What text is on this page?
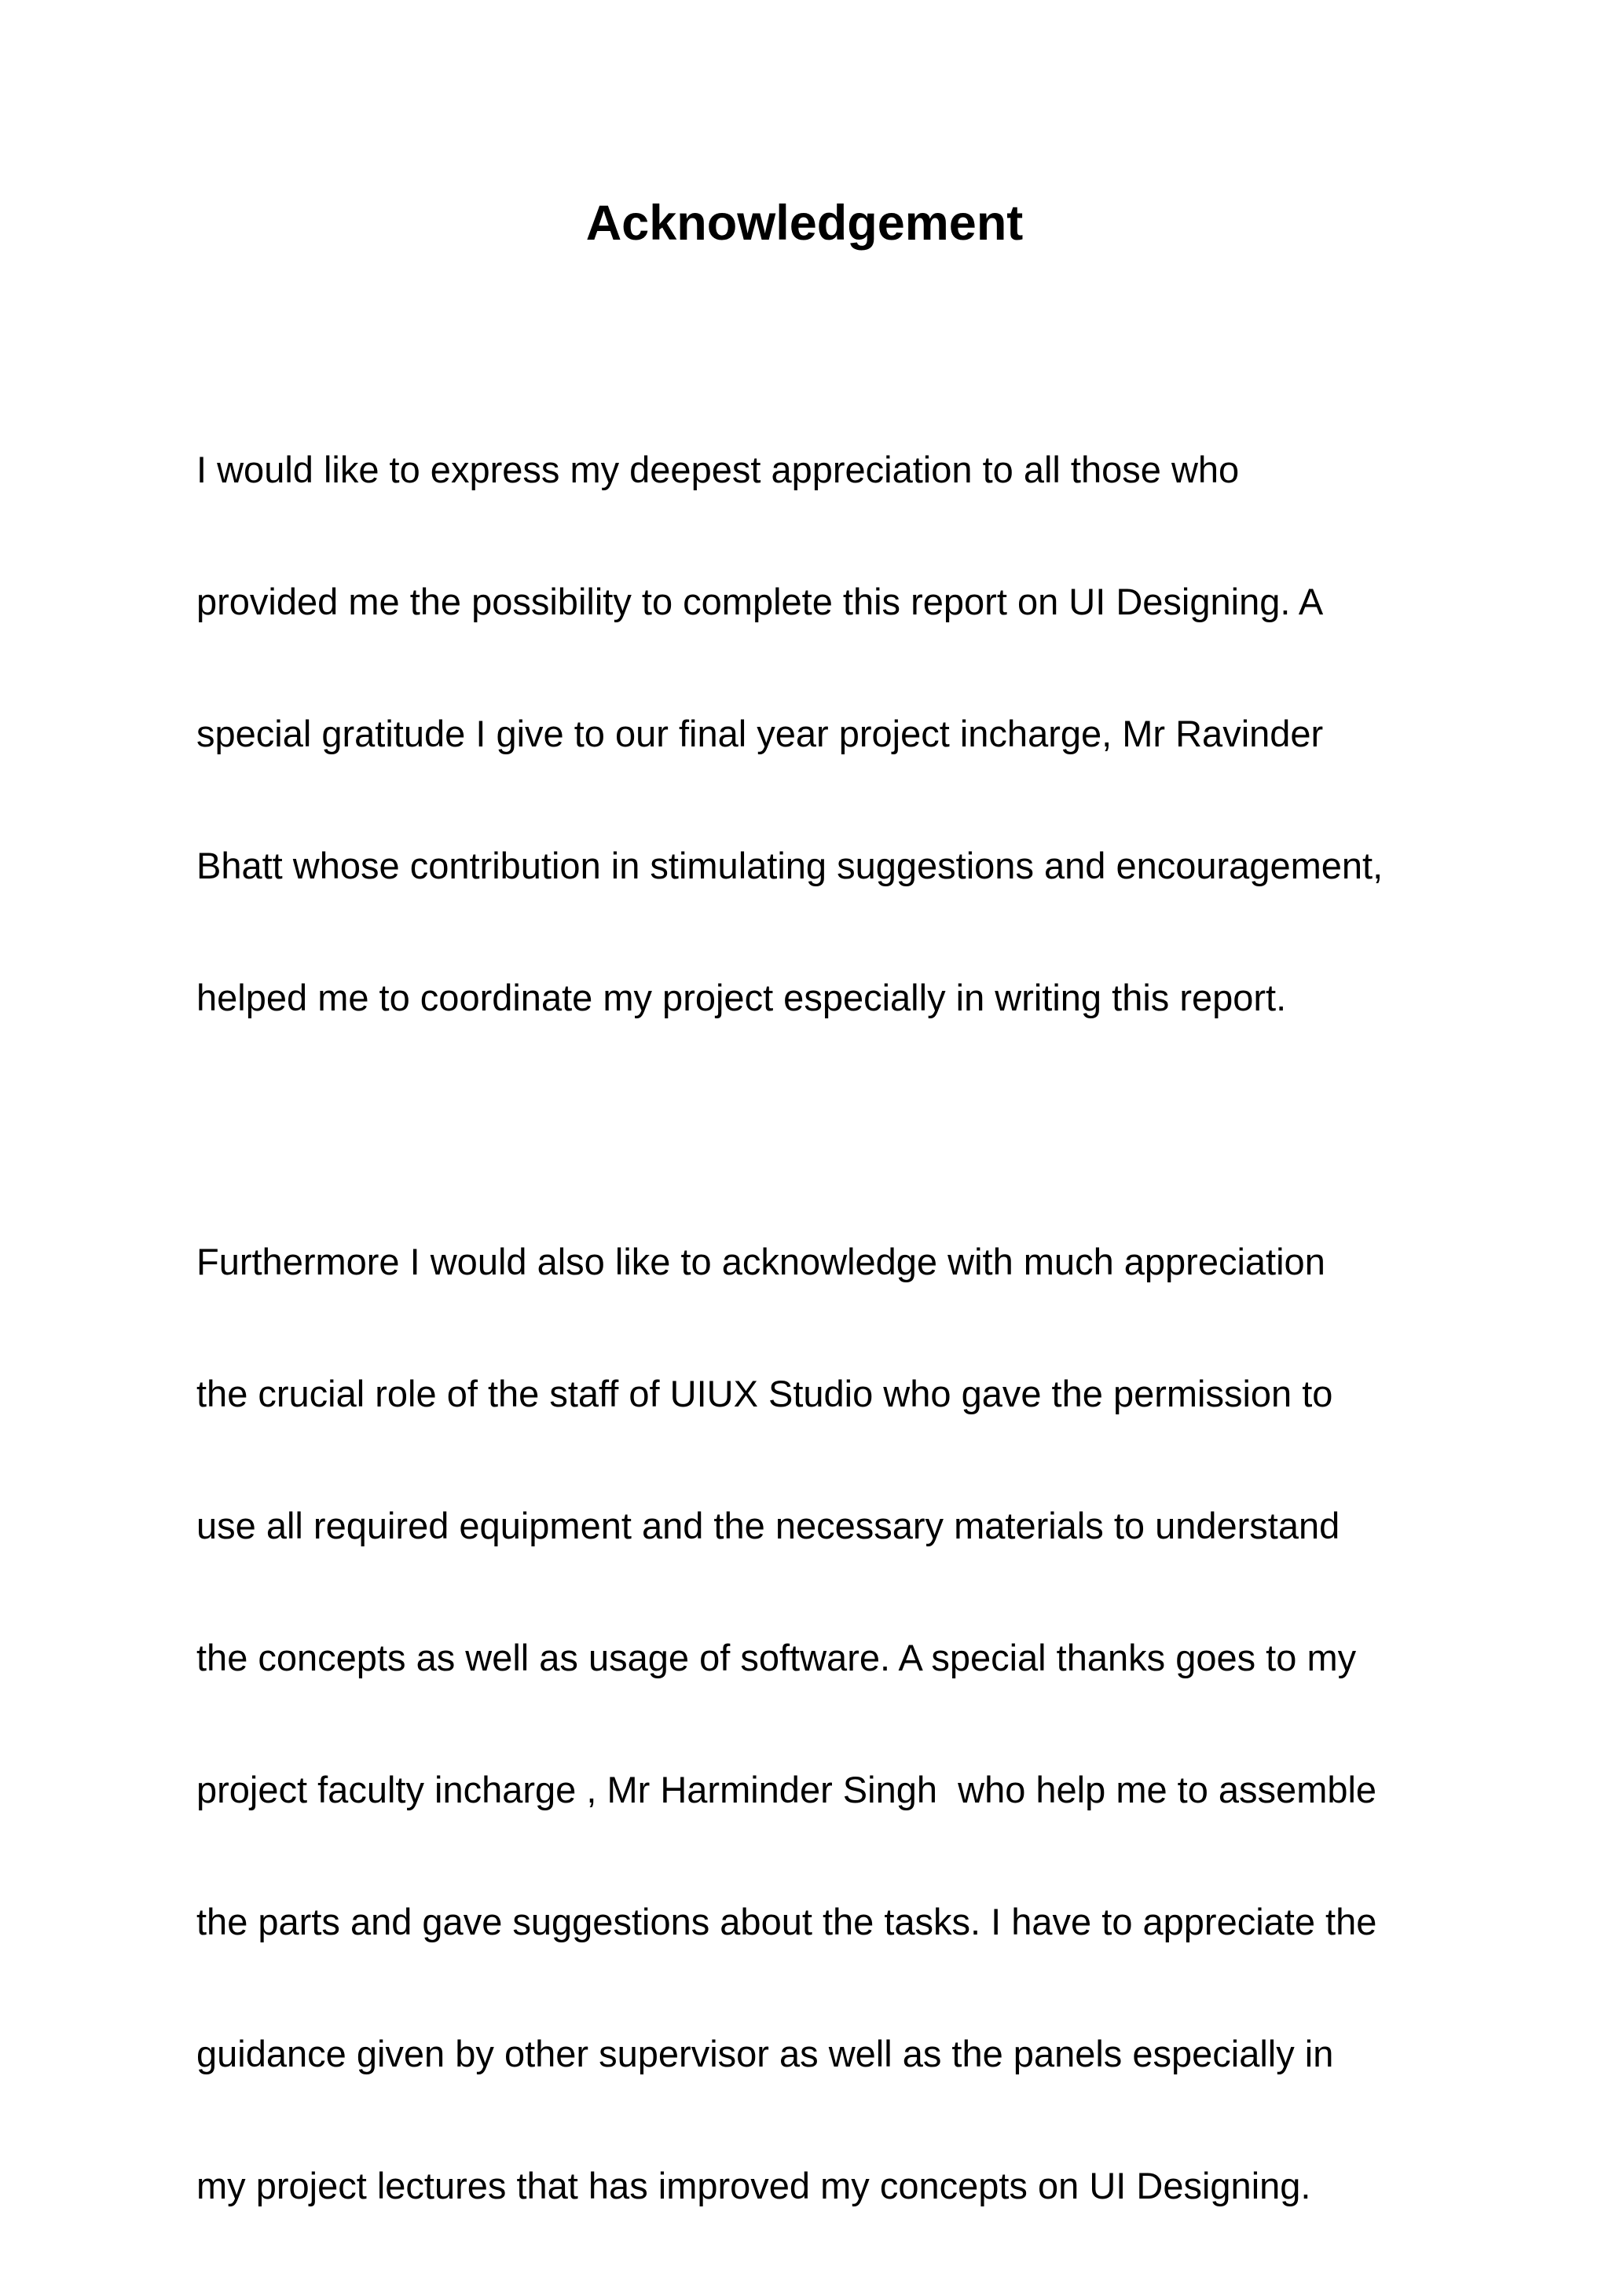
Acknowledgement

I would like to express my deepest appreciation to all those who

provided me the possibility to complete this report on UI Designing. A

special gratitude I give to our final year project incharge, Mr Ravinder

Bhatt whose contribution in stimulating suggestions and encouragement,

helped me to coordinate my project especially in writing this report.

Furthermore I would also like to acknowledge with much appreciation

the crucial role of the staff of UIUX Studio who gave the permission to

use all required equipment and the necessary materials to understand

the concepts as well as usage of software. A special thanks goes to my

project faculty incharge , Mr Harminder Singh  who help me to assemble

the parts and gave suggestions about the tasks. I have to appreciate the

guidance given by other supervisor as well as the panels especially in

my project lectures that has improved my concepts on UI Designing.
